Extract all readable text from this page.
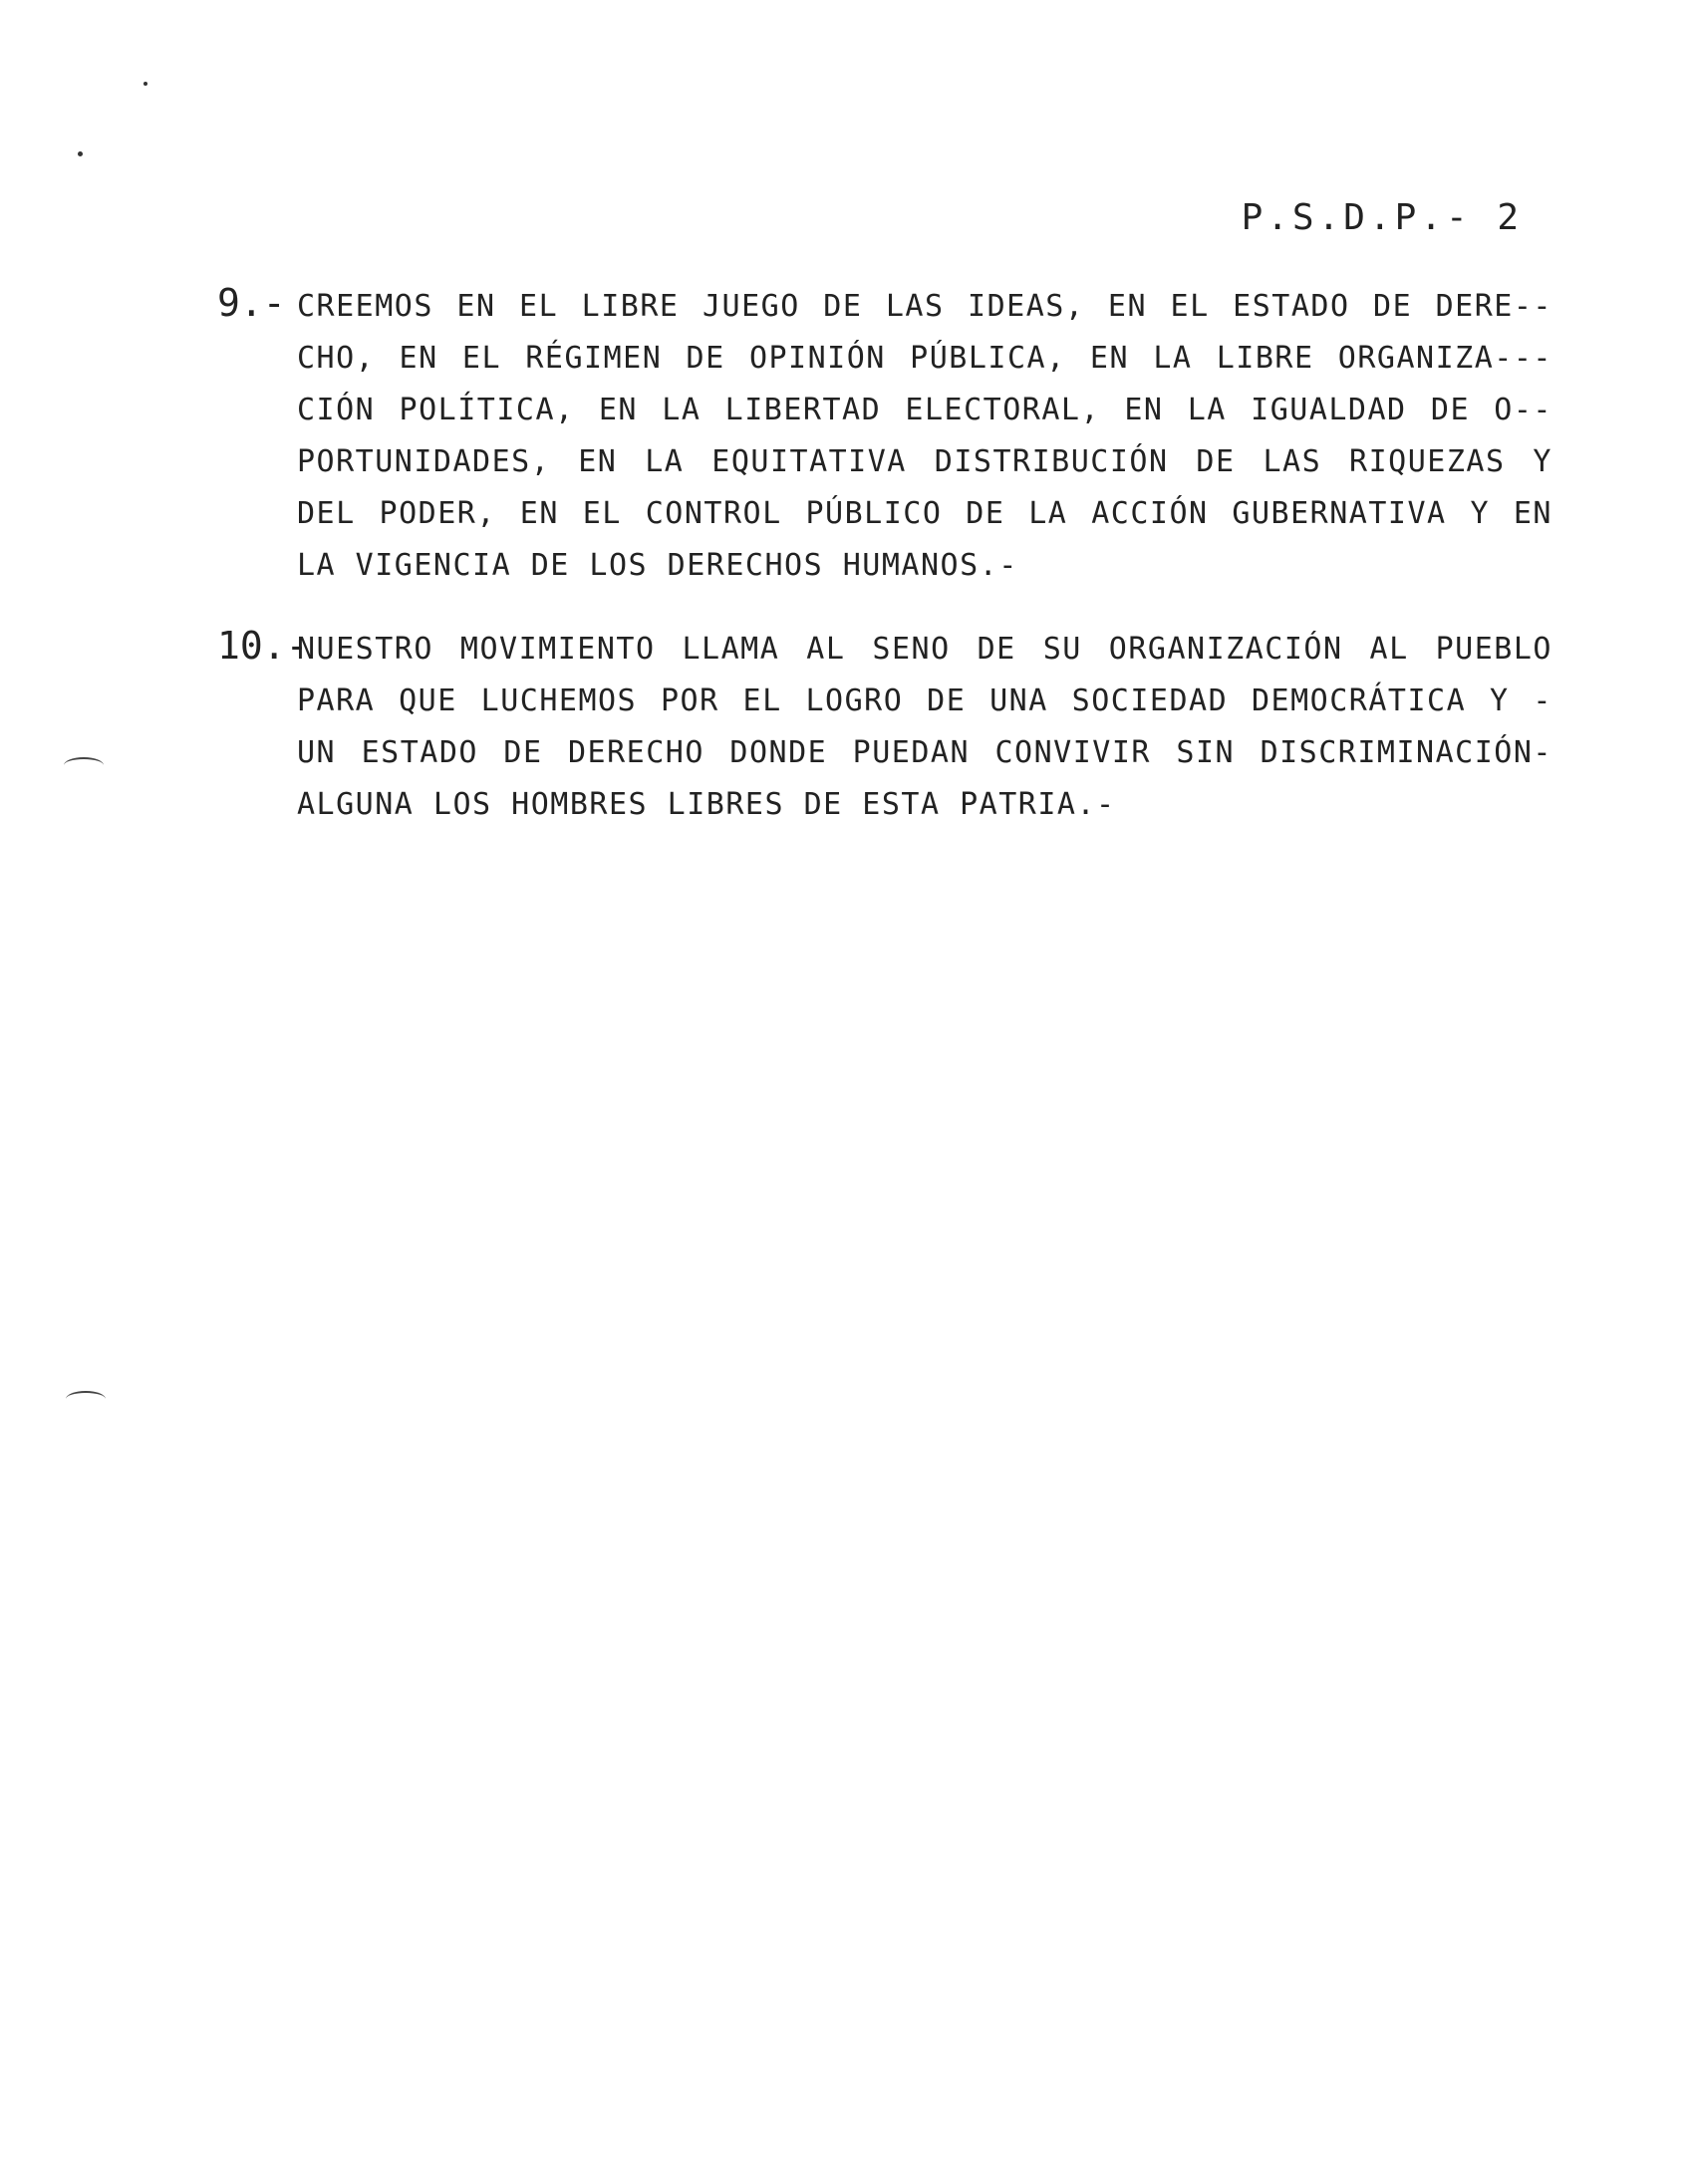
P.S.D.P.- 2
9.- CREEMOS EN EL LIBRE JUEGO DE LAS IDEAS, EN EL ESTADO DE DERE--
CHO, EN EL RÉGIMEN DE OPINIÓN PÚBLICA, EN LA LIBRE ORGANIZA---
CIÓN POLÍTICA, EN LA LIBERTAD ELECTORAL, EN LA IGUALDAD DE O--
PORTUNIDADES, EN LA EQUITATIVA DISTRIBUCIÓN DE LAS RIQUEZAS Y
DEL PODER, EN EL CONTROL PÚBLICO DE LA ACCIÓN GUBERNATIVA Y EN
LA VIGENCIA DE LOS DERECHOS HUMANOS.-
10.-
NUESTRO MOVIMIENTO LLAMA AL SENO DE SU ORGANIZACIÓN AL PUEBLO
PARA QUE LUCHEMOS POR EL LOGRO DE UNA SOCIEDAD DEMOCRÁTICA Y -
UN ESTADO DE DERECHO DONDE PUEDAN CONVIVIR SIN DISCRIMINACIÓN-
ALGUNA LOS HOMBRES LIBRES DE ESTA PATRIA.-
